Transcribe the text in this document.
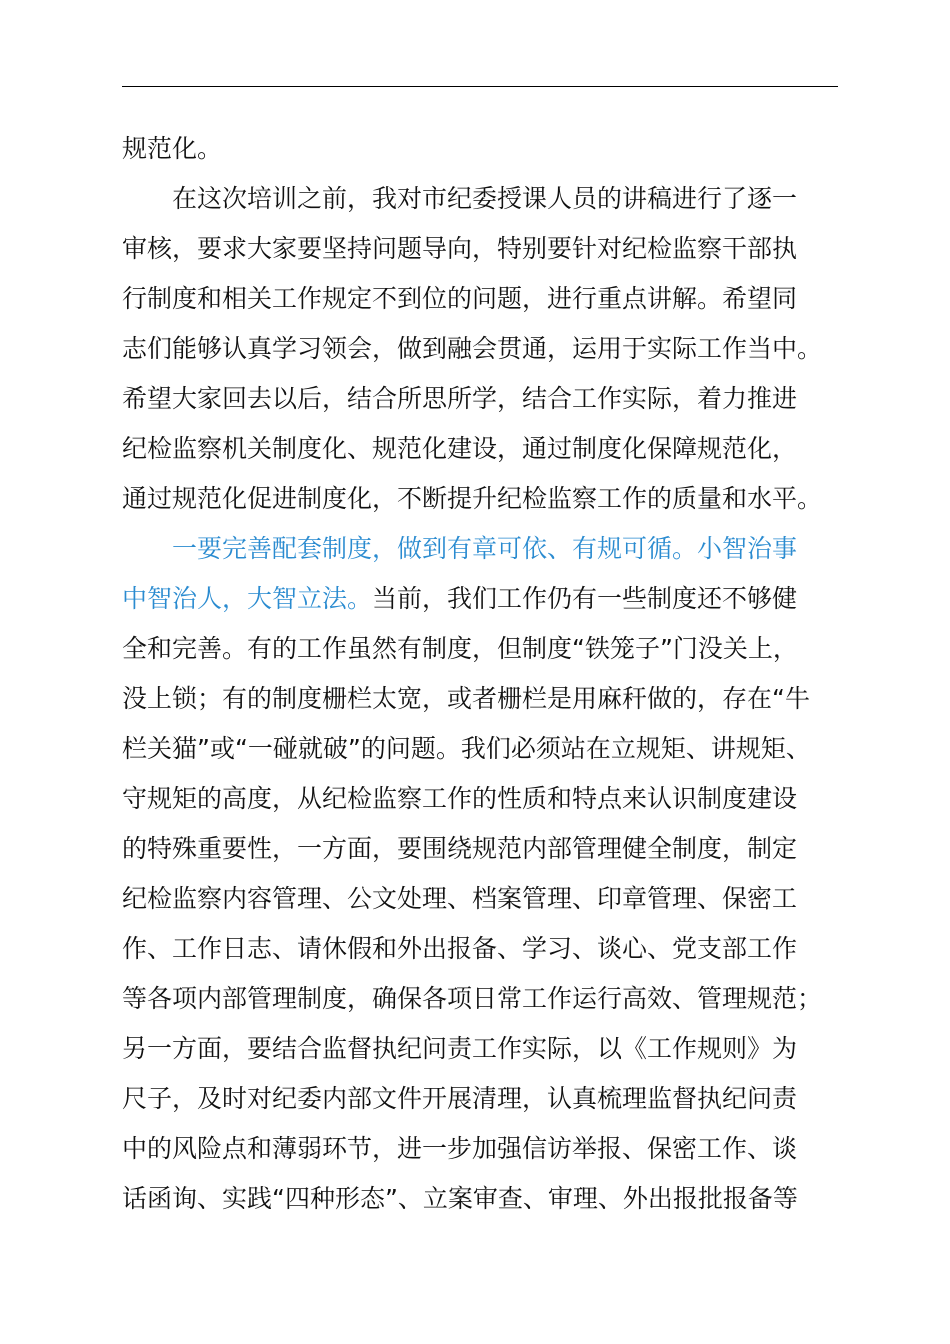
规范化。
在这次培训之前，我对市纪委授课人员的讲稿进行了逐一
审核，要求大家要坚持问题导向，特别要针对纪检监察干部执
行制度和相关工作规定不到位的问题，进行重点讲解。希望同
志们能够认真学习领会，做到融会贯通，运用于实际工作当中。
希望大家回去以后，结合所思所学，结合工作实际，着力推进
纪检监察机关制度化、规范化建设，通过制度化保障规范化，
通过规范化促进制度化，不断提升纪检监察工作的质量和水平。
一要完善配套制度，做到有章可依、有规可循。小智治事
中智治人，大智立法。当前，我们工作仍有一些制度还不够健
全和完善。有的工作虽然有制度，但制度“铁笼子”门没关上，
没上锁；有的制度栅栏太宽，或者栅栏是用麻秆做的，存在“牛
栏关猫”或“一碰就破”的问题。我们必须站在立规矩、讲规矩、
守规矩的高度，从纪检监察工作的性质和特点来认识制度建设
的特殊重要性，一方面，要围绕规范内部管理健全制度，制定
纪检监察内容管理、公文处理、档案管理、印章管理、保密工
作、工作日志、请休假和外出报备、学习、谈心、党支部工作
等各项内部管理制度，确保各项日常工作运行高效、管理规范；
另一方面，要结合监督执纪问责工作实际，以《工作规则》为
尺子，及时对纪委内部文件开展清理，认真梳理监督执纪问责
中的风险点和薄弱环节，进一步加强信访举报、保密工作、谈
话函询、实践“四种形态”、立案审查、审理、外出报批报备等
